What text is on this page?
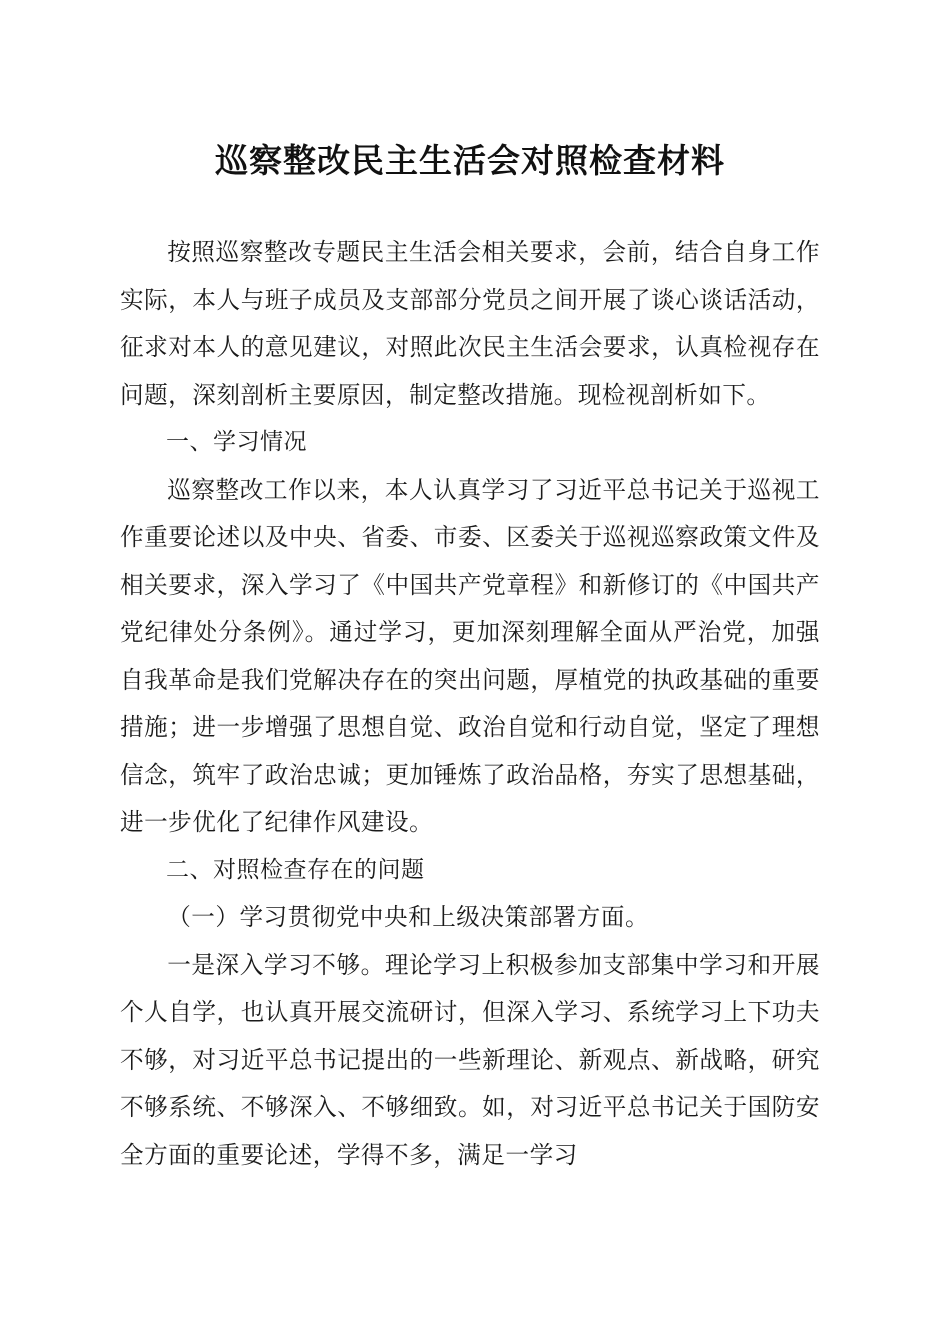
巡察整改民主生活会对照检查材料

按照巡察整改专题民主生活会相关要求，会前，结合自身工作实际，本人与班子成员及支部部分党员之间开展了谈心谈话活动，征求对本人的意见建议，对照此次民主生活会要求，认真检视存在问题，深刻剖析主要原因，制定整改措施。现检视剖析如下。

一、学习情况

巡察整改工作以来，本人认真学习了习近平总书记关于巡视工作重要论述以及中央、省委、市委、区委关于巡视巡察政策文件及相关要求，深入学习了《中国共产党章程》和新修订的《中国共产党纪律处分条例》。通过学习，更加深刻理解全面从严治党，加强自我革命是我们党解决存在的突出问题，厚植党的执政基础的重要措施；进一步增强了思想自觉、政治自觉和行动自觉，坚定了理想信念，筑牢了政治忠诚；更加锤炼了政治品格，夯实了思想基础，进一步优化了纪律作风建设。

二、对照检查存在的问题

（一）学习贯彻党中央和上级决策部署方面。

一是深入学习不够。理论学习上积极参加支部集中学习和开展个人自学，也认真开展交流研讨，但深入学习、系统学习上下功夫不够，对习近平总书记提出的一些新理论、新观点、新战略，研究不够系统、不够深入、不够细致。如，对习近平总书记关于国防安全方面的重要论述，学得不多，满足一学习
